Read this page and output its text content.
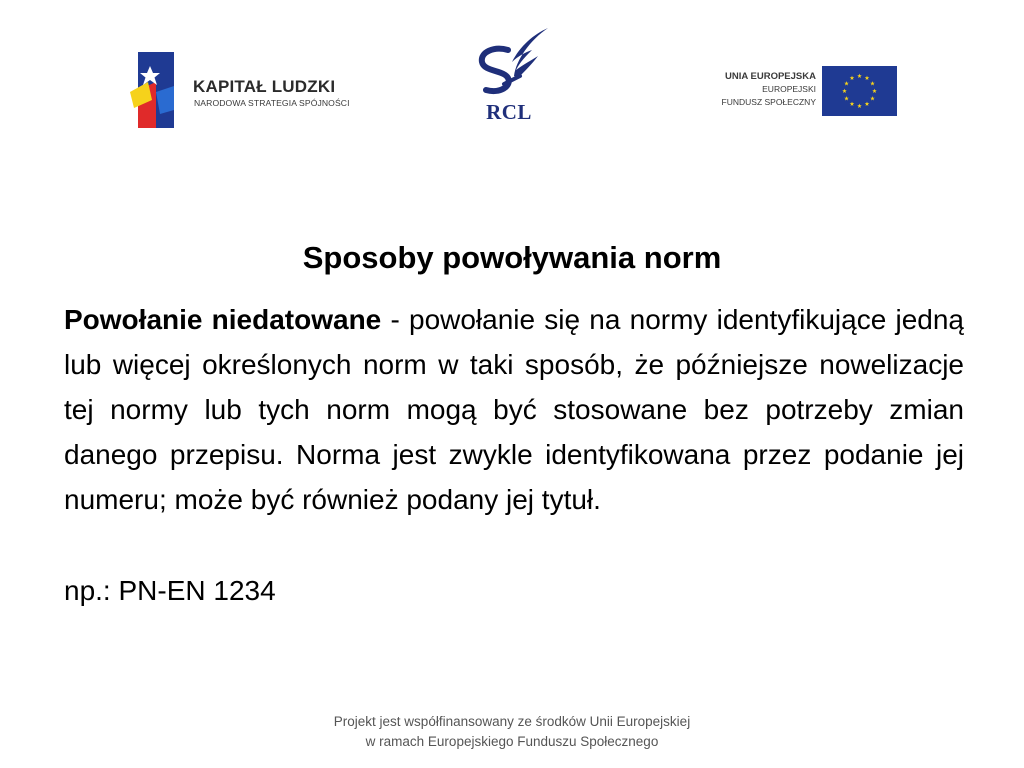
KAPITAŁ LUDZKI
NARODOWA STRATEGIA SPÓJNOŚCI	RCL
UNIA EUROPEJSKA
EUROPEJSKI
FUNDUSZ SPOŁECZNY
Sposoby powoływania norm

Powołanie niedatowane - powołanie się na normy identyfikujące jedną lub więcej określonych norm w taki sposób, że późniejsze nowelizacje tej normy lub tych norm mogą być stosowane bez potrzeby zmian danego przepisu. Norma jest zwykle identyfikowana przez podanie jej numeru; może być również podany jej tytuł.

np.: PN-EN 1234

Projekt jest współfinansowany ze środków Unii Europejskiej
w ramach Europejskiego Funduszu Społecznego
